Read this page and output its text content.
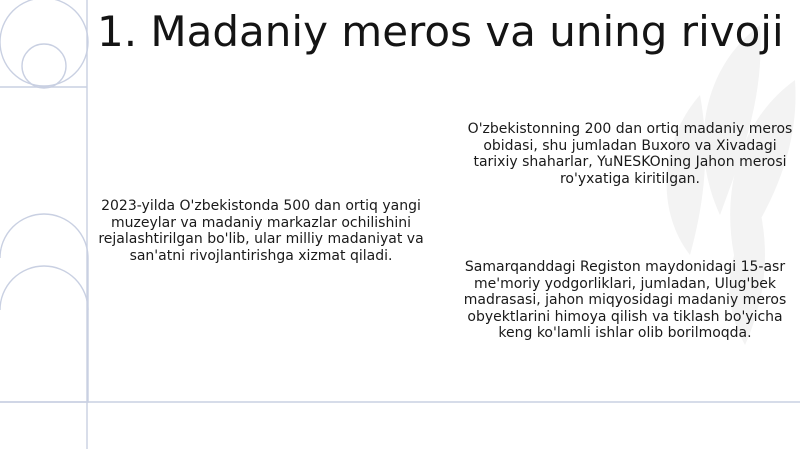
1. Madaniy meros va uning rivoji

O'zbekistonning 200 dan ortiq madaniy meros obidasi, shu jumladan Buxoro va Xivadagi tarixiy shaharlar, YuNESKOning Jahon merosi ro'yxatiga kiritilgan.

2023-yilda O'zbekistonda 500 dan ortiq yangi muzeylar va madaniy markazlar ochilishini rejalashtirilgan bo'lib, ular milliy madaniyat va san'atni rivojlantirishga xizmat qiladi.

Samarqanddagi Registon maydonidagi 15-asr me'moriy yodgorliklari, jumladan, Ulug'bek madrasasi, jahon miqyosidagi madaniy meros obyektlarini himoya qilish va tiklash bo'yicha keng ko'lamli ishlar olib borilmoqda.
